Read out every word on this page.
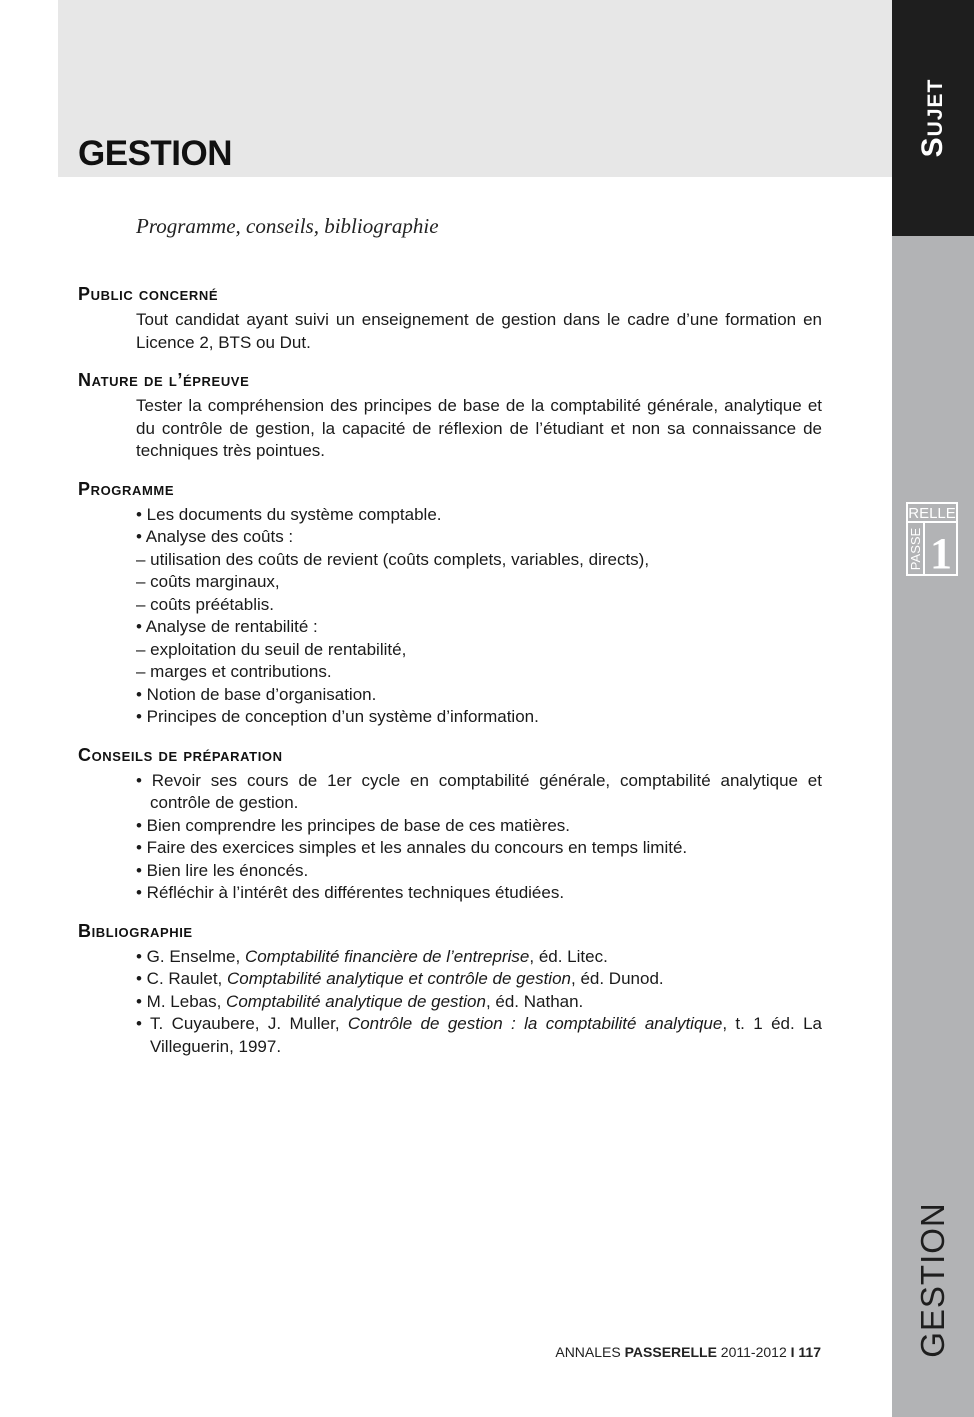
GESTION	Sujet
RELLE
PASSE 1
GESTION

Programme, conseils, bibliographie

Public concerné
Tout candidat ayant suivi un enseignement de gestion dans le cadre d’une formation en Licence 2, BTS ou Dut.
Nature de l’épreuve
Tester la compréhension des principes de base de la comptabilité générale, analytique et du contrôle de gestion, la capacité de réflexion de l’étudiant et non sa connaissance de techniques très pointues.
Programme
• Les documents du système comptable.
• Analyse des coûts :
– utilisation des coûts de revient (coûts complets, variables, directs),
– coûts marginaux,
– coûts préétablis.
• Analyse de rentabilité :
– exploitation du seuil de rentabilité,
– marges et contributions.
• Notion de base d’organisation.
• Principes de conception d’un système d’information.
Conseils de préparation
• Revoir ses cours de 1er cycle en comptabilité générale, comptabilité analytique et contrôle de gestion.
• Bien comprendre les principes de base de ces matières.
• Faire des exercices simples et les annales du concours en temps limité.
• Bien lire les énoncés.
• Réfléchir à l’intérêt des différentes techniques étudiées.
Bibliographie
• G. Enselme, Comptabilité financière de l’entreprise, éd. Litec.
• C. Raulet, Comptabilité analytique et contrôle de gestion, éd. Dunod.
• M. Lebas, Comptabilité analytique de gestion, éd. Nathan.
• T. Cuyaubere, J. Muller, Contrôle de gestion : la comptabilité analytique, t. 1 éd. La Villeguerin, 1997.
ANNALES PASSERELLE 2011-2012 I 117
